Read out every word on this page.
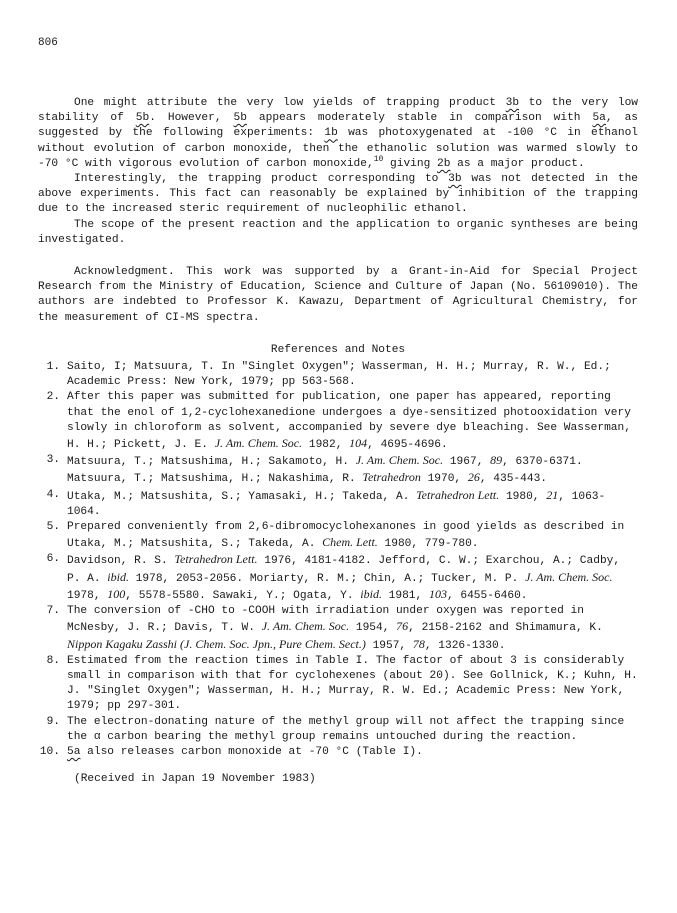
806

One might attribute the very low yields of trapping product 3b to the very low stability of 5b. However, 5b appears moderately stable in comparison with 5a, as suggested by the following experiments: 1b was photoxygenated at -100 °C in ethanol without evolution of carbon monoxide, then the ethanolic solution was warmed slowly to -70 °C with vigorous evolution of carbon monoxide,$^{10}$ giving 2b as a major product.

Interestingly, the trapping product corresponding to 3b was not detected in the above experiments. This fact can reasonably be explained by inhibition of the trapping due to the increased steric requirement of nucleophilic ethanol.

The scope of the present reaction and the application to organic syntheses are being investigated.

Acknowledgment. This work was supported by a Grant-in-Aid for Special Project Research from the Ministry of Education, Science and Culture of Japan (No. 56109010). The authors are indebted to Professor K. Kawazu, Department of Agricultural Chemistry, for the measurement of CI-MS spectra.

References and Notes
1. Saito, I; Matsuura, T. In "Singlet Oxygen"; Wasserman, H. H.; Murray, R. W., Ed.; Academic Press: New York, 1979; pp 563-568.
2. After this paper was submitted for publication, one paper has appeared, reporting that the enol of 1,2-cyclohexanedione undergoes a dye-sensitized photooxidation very slowly in chloroform as solvent, accompanied by severe dye bleaching. See Wasserman, H. H.; Pickett, J. E. J. Am. Chem. Soc. 1982, 104, 4695-4696.
3. Matsuura, T.; Matsushima, H.; Sakamoto, H. J. Am. Chem. Soc. 1967, 89, 6370-6371. Matsuura, T.; Matsushima, H.; Nakashima, R. Tetrahedron 1970, 26, 435-443.
4. Utaka, M.; Matsushita, S.; Yamasaki, H.; Takeda, A. Tetrahedron Lett. 1980, 21, 1063-1064.
5. Prepared conveniently from 2,6-dibromocyclohexanones in good yields as described in Utaka, M.; Matsushita, S.; Takeda, A. Chem. Lett. 1980, 779-780.
6. Davidson, R. S. Tetrahedron Lett. 1976, 4181-4182. Jefford, C. W.; Exarchou, A.; Cadby, P. A. ibid. 1978, 2053-2056. Moriarty, R. M.; Chin, A.; Tucker, M. P. J. Am. Chem. Soc. 1978, 100, 5578-5580. Sawaki, Y.; Ogata, Y. ibid. 1981, 103, 6455-6460.
7. The conversion of -CHO to -COOH with irradiation under oxygen was reported in McNesby, J. R.; Davis, T. W. J. Am. Chem. Soc. 1954, 76, 2158-2162 and Shimamura, K. Nippon Kagaku Zasshi (J. Chem. Soc. Jpn., Pure Chem. Sect.) 1957, 78, 1326-1330.
8. Estimated from the reaction times in Table I. The factor of about 3 is considerably small in comparison with that for cyclohexenes (about 20). See Gollnick, K.; Kuhn, H. J. "Singlet Oxygen"; Wasserman, H. H.; Murray, R. W. Ed.; Academic Press: New York, 1979; pp 297-301.
9. The electron-donating nature of the methyl group will not affect the trapping since the α carbon bearing the methyl group remains untouched during the reaction.
10. 5a also releases carbon monoxide at -70 °C (Table I).
(Received in Japan 19 November 1983)
